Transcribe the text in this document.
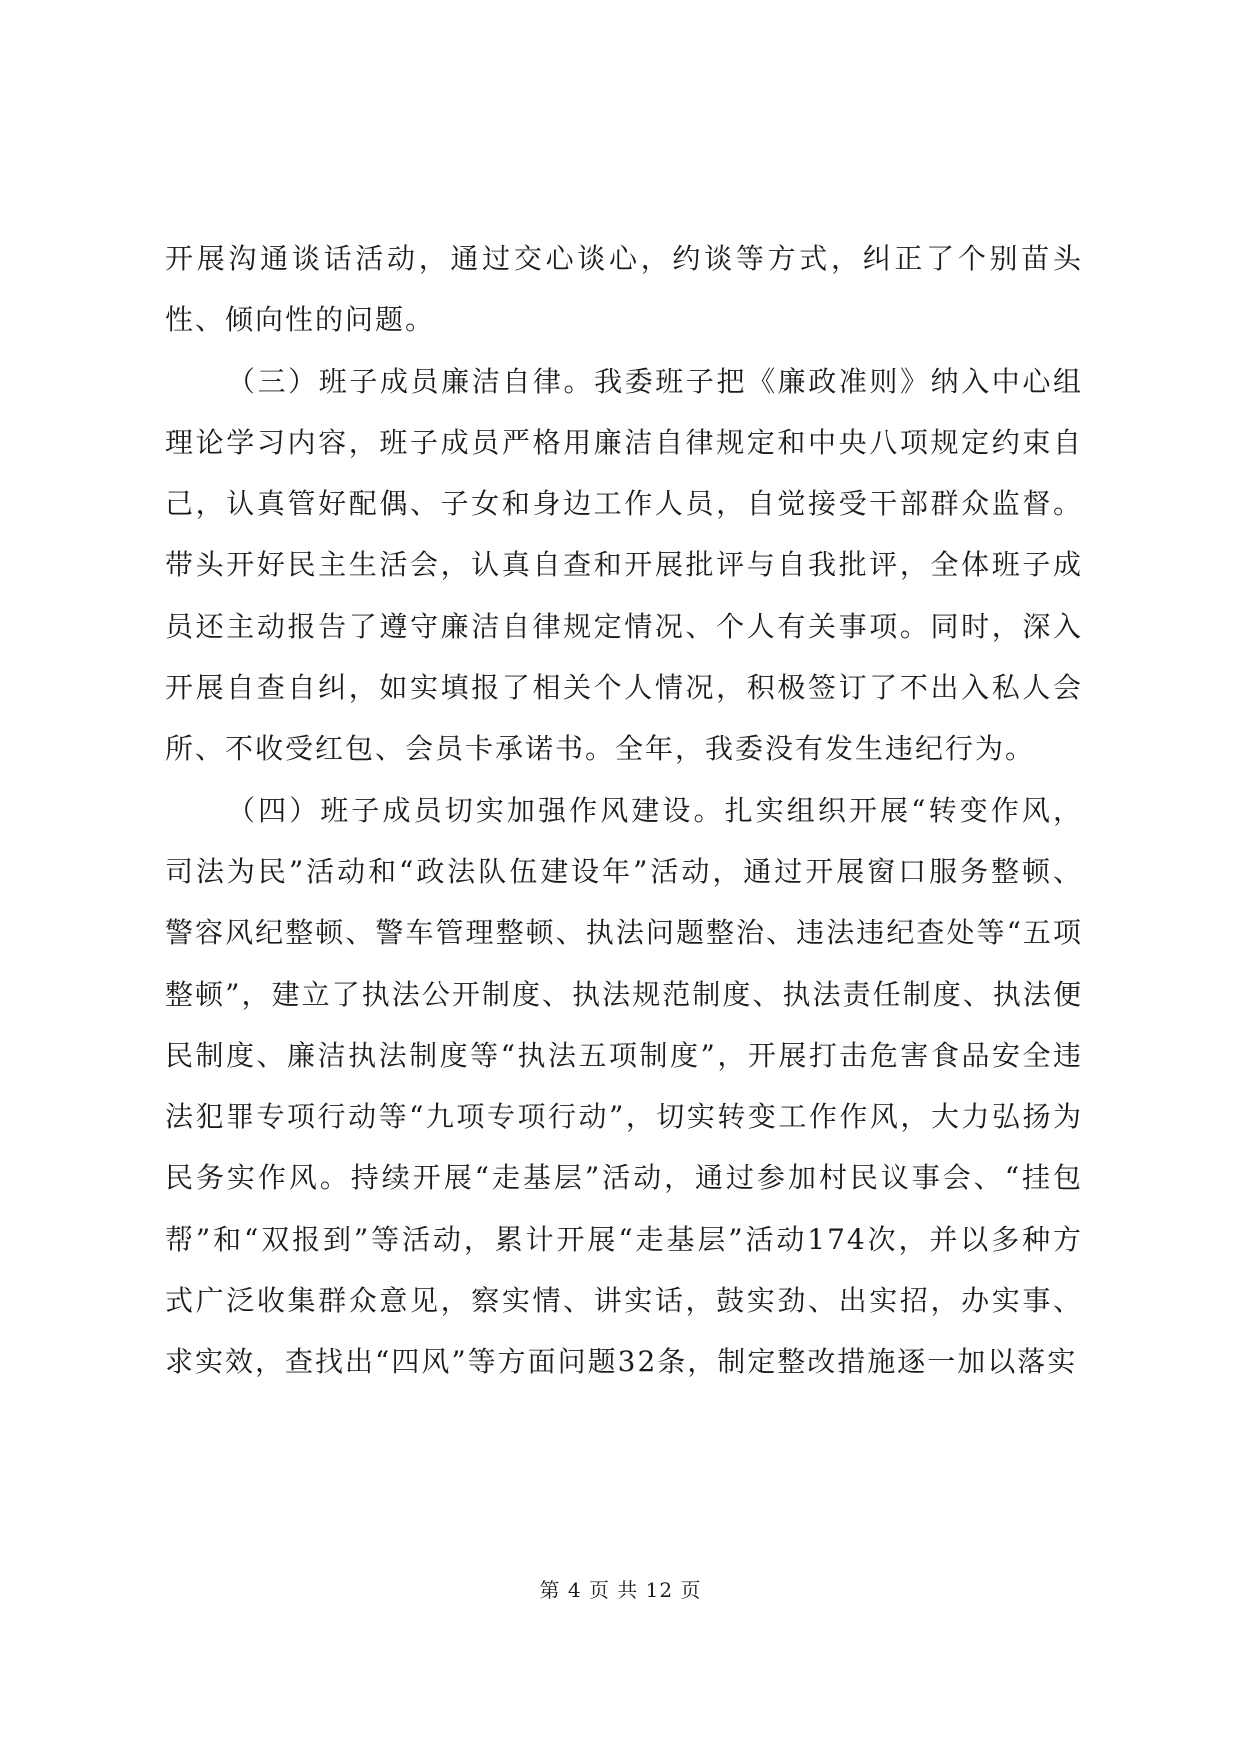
开展沟通谈话活动，通过交心谈心，约谈等方式，纠正了个别苗头性、倾向性的问题。

（三）班子成员廉洁自律。我委班子把《廉政准则》纳入中心组理论学习内容，班子成员严格用廉洁自律规定和中央八项规定约束自己，认真管好配偶、子女和身边工作人员，自觉接受干部群众监督。带头开好民主生活会，认真自查和开展批评与自我批评，全体班子成员还主动报告了遵守廉洁自律规定情况、个人有关事项。同时，深入开展自查自纠，如实填报了相关个人情况，积极签订了不出入私人会所、不收受红包、会员卡承诺书。全年，我委没有发生违纪行为。

（四）班子成员切实加强作风建设。扎实组织开展“转变作风，司法为民”活动和“政法队伍建设年”活动，通过开展窗口服务整顿、警容风纪整顿、警车管理整顿、执法问题整治、违法违纪查处等“五项整顿”，建立了执法公开制度、执法规范制度、执法责任制度、执法便民制度、廉洁执法制度等“执法五项制度”，开展打击危害食品安全违法犯罪专项行动等“九项专项行动”，切实转变工作作风，大力弘扬为民务实作风。持续开展“走基层”活动，通过参加村民议事会、“挂包帮”和“双报到”等活动，累计开展“走基层”活动174次，并以多种方式广泛收集群众意见，察实情、讲实话，鼓实劲、出实招，办实事、求实效，查找出“四风”等方面问题32条，制定整改措施逐一加以落实

第 4 页 共 12 页
